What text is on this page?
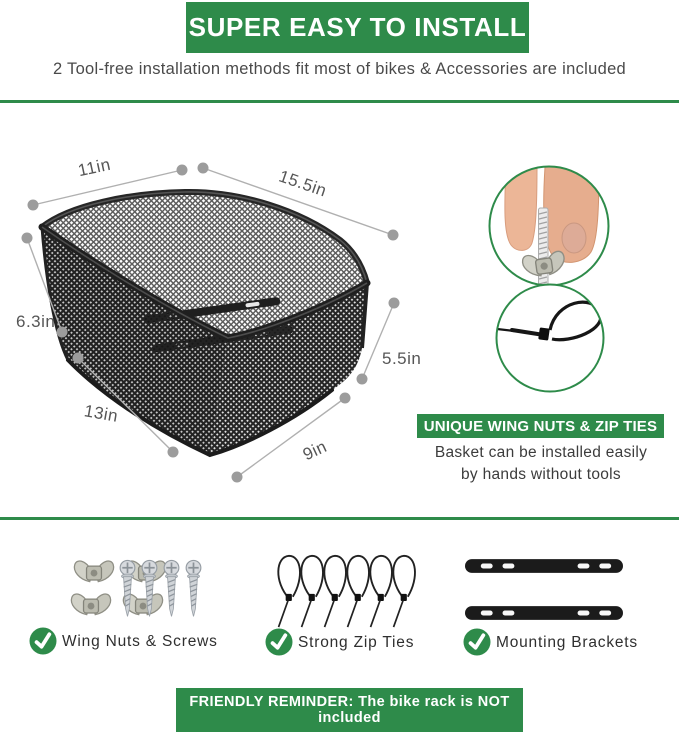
SUPER EASY TO INSTALL
2 Tool-free installation methods fit most of bikes & Accessories are included
11in	15.5in
6.3in
13in
9in
5.5in
UNIQUE WING NUTS & ZIP TIES
Basket can be installed easily
by hands without tools
Wing Nuts & Screws	Strong Zip Ties	Mounting Brackets
FRIENDLY REMINDER: The bike rack is NOT included
